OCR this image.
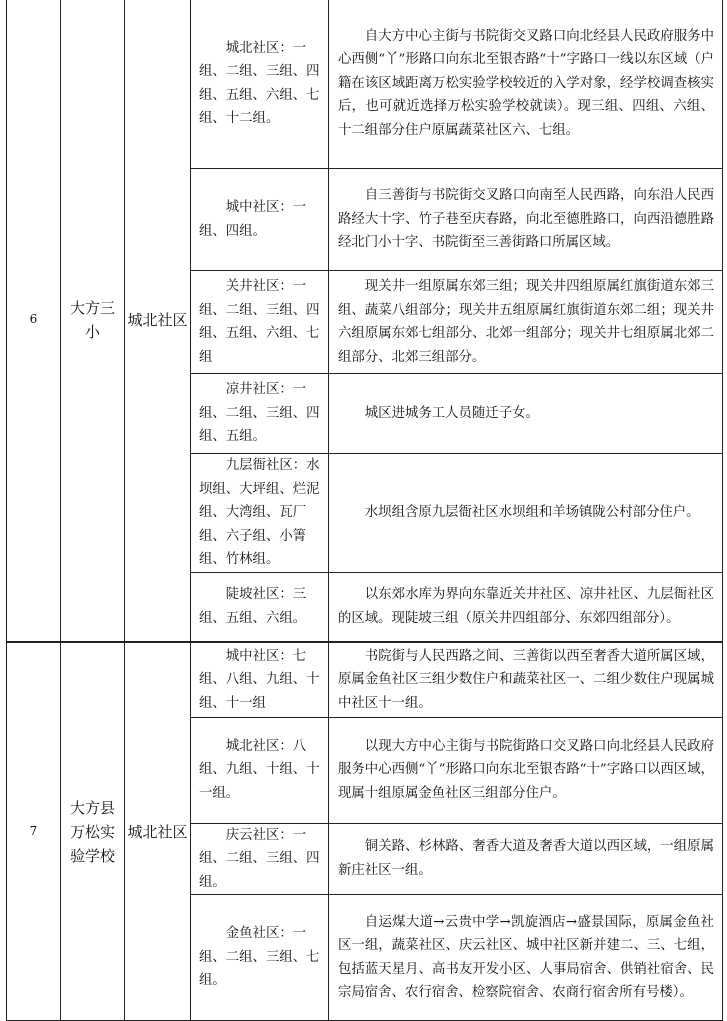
6	大方三小	城北社区	城北社区：一组、二组、三组、四组、五组、六组、七组、十二组。	自大方中心主街与书院街交叉路口向北经县人民政府服务中心西侧“丫”形路口向东北至银杏路“十”字路口一线以东区域（户籍在该区域距离万松实验学校较近的入学对象，经学校调查核实后，也可就近选择万松实验学校就读）。现三组、四组、六组、十二组部分住户原属蔬菜社区六、七组。
			城中社区：一组、四组。	自三善街与书院街交叉路口向南至人民西路，向东沿人民西路经大十字、竹子巷至庆春路，向北至德胜路口，向西沿德胜路经北门小十字、书院街至三善街路口所属区域。
			关井社区：一组、二组、三组、四组、五组、六组、七组	现关井一组原属东郊三组；现关井四组原属红旗街道东郊三组、蔬菜八组部分；现关井五组原属红旗街道东郊二组；现关井六组原属东郊七组部分、北郊一组部分；现关井七组原属北郊二组部分、北郊三组部分。
			凉井社区：一组、二组、三组、四组、五组。	城区进城务工人员随迁子女。
			九层衙社区：水坝组、大坪组、烂泥组、大湾组、瓦厂组、六子组、小箐组、竹林组。	水坝组含原九层衙社区水坝组和羊场镇陇公村部分住户。
			陡坡社区：三组、五组、六组。	以东郊水库为界向东靠近关井社区、凉井社区、九层衙社区的区域。现陡坡三组（原关井四组部分、东郊四组部分）。
7	大方县万松实验学校	城北社区	城中社区：七组、八组、九组、十组、十一组	书院街与人民西路之间、三善街以西至奢香大道所属区域，原属金鱼社区三组少数住户和蔬菜社区一、二组少数住户现属城中社区十一组。
			城北社区：八组、九组、十组、十一组。	以现大方中心主街与书院街路口交叉路口向北经县人民政府服务中心西侧“丫”形路口向东北至银杏路“十”字路口以西区域，现属十组原属金鱼社区三组部分住户。
			庆云社区：一组、二组、三组、四组。	铜关路、杉林路、奢香大道及奢香大道以西区域，一组原属新庄社区一组。
			金鱼社区：一组、二组、三组、七组。	自运煤大道→云贵中学→凯旋酒店→盛景国际，原属金鱼社区一组，蔬菜社区、庆云社区、城中社区新并建二、三、七组，包括蓝天星月、高书友开发小区、人事局宿舍、供销社宿舍、民宗局宿舍、农行宿舍、检察院宿舍、农商行宿舍所有号楼）。
